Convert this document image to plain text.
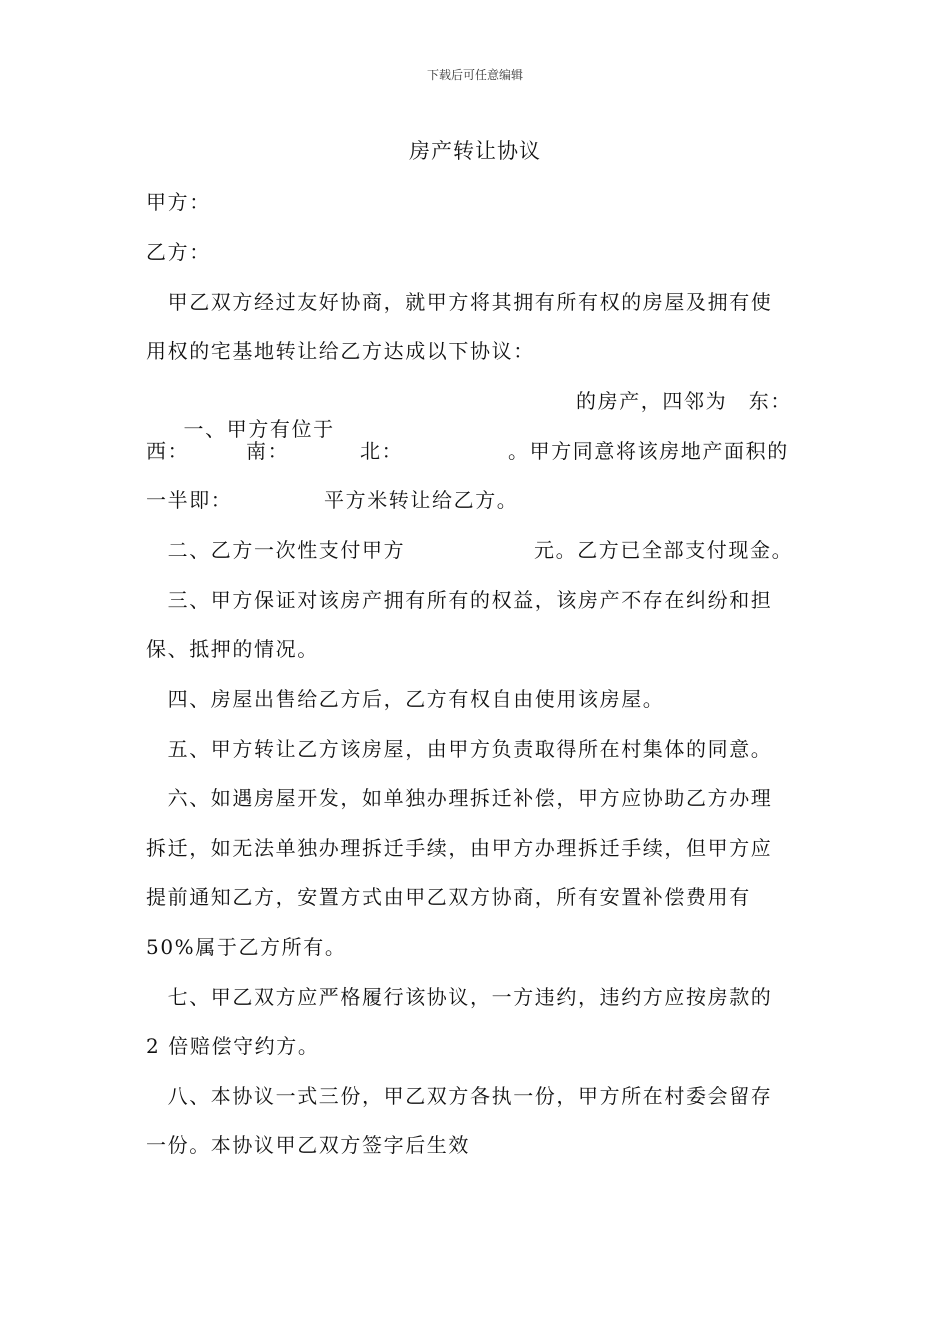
下载后可任意编辑
房产转让协议
甲方：
乙方：
　甲乙双方经过友好协商，就甲方将其拥有所有权的房屋及拥有使
用权的宅基地转让给乙方达成以下协议：

　一、甲方有位于

的房产，四邻为　东：
西：	南：	北：	。甲方同意将该房地产面积的
一半即：	平方米转让给乙方。
　二、乙方一次性支付甲方	元。乙方已全部支付现金。
　三、甲方保证对该房产拥有所有的权益，该房产不存在纠纷和担
保、抵押的情况。
　四、房屋出售给乙方后，乙方有权自由使用该房屋。
　五、甲方转让乙方该房屋，由甲方负责取得所在村集体的同意。
　六、如遇房屋开发，如单独办理拆迁补偿，甲方应协助乙方办理
拆迁，如无法单独办理拆迁手续，由甲方办理拆迁手续，但甲方应
提前通知乙方，安置方式由甲乙双方协商，所有安置补偿费用有
50%属于乙方所有。
　七、甲乙双方应严格履行该协议，一方违约，违约方应按房款的
2 倍赔偿守约方。
　八、本协议一式三份，甲乙双方各执一份，甲方所在村委会留存
一份。本协议甲乙双方签字后生效
